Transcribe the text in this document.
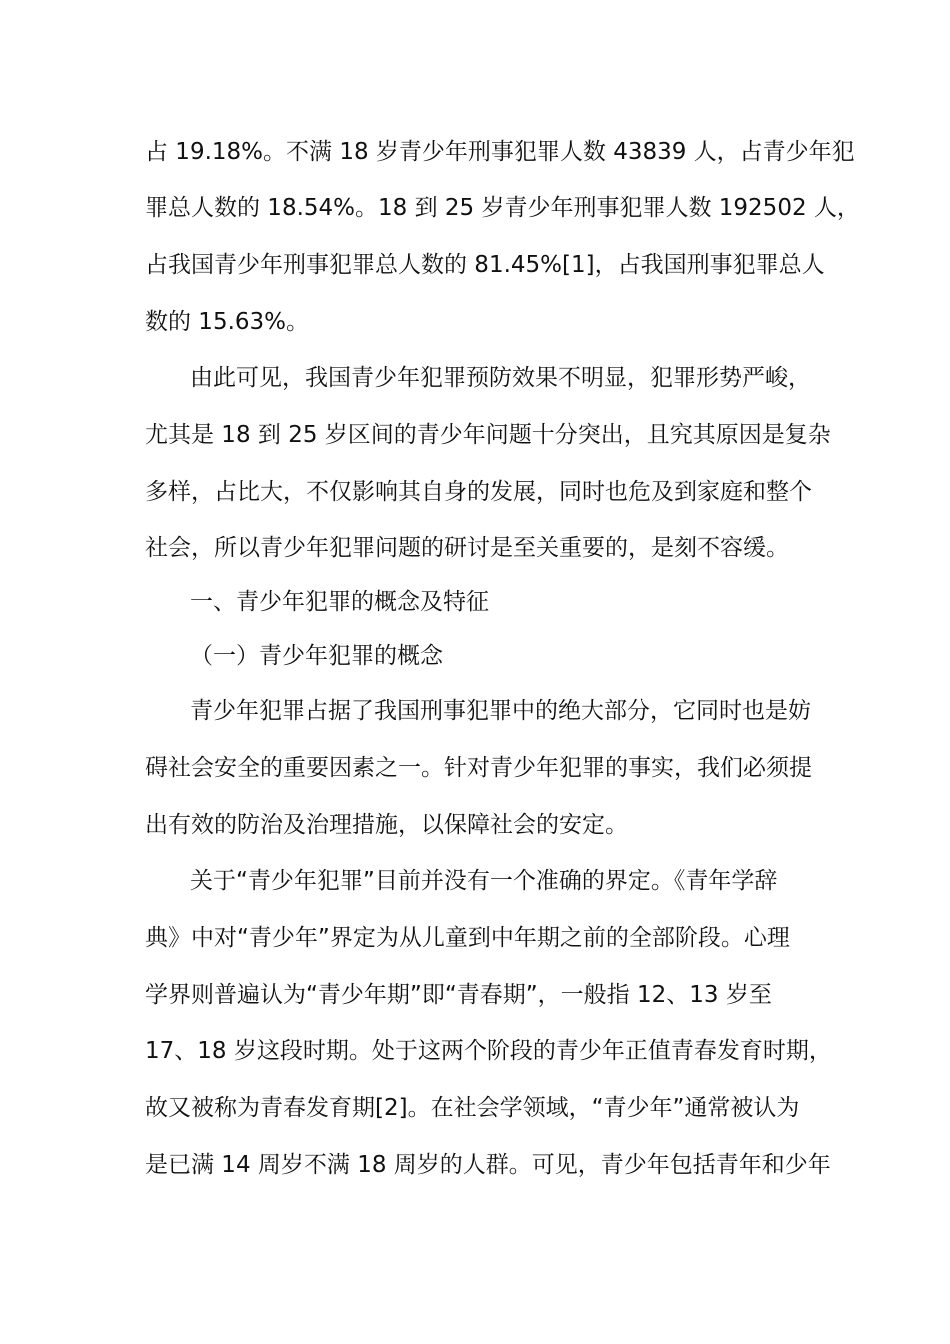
占 19.18%。不满 18 岁青少年刑事犯罪人数 43839 人，占青少年犯
罪总人数的 18.54%。18 到 25 岁青少年刑事犯罪人数 192502 人，
占我国青少年刑事犯罪总人数的 81.45%[1]，占我国刑事犯罪总人
数的 15.63%。
由此可见，我国青少年犯罪预防效果不明显，犯罪形势严峻，
尤其是 18 到 25 岁区间的青少年问题十分突出，且究其原因是复杂
多样，占比大，不仅影响其自身的发展，同时也危及到家庭和整个
社会，所以青少年犯罪问题的研讨是至关重要的，是刻不容缓。
一、青少年犯罪的概念及特征
（一）青少年犯罪的概念
青少年犯罪占据了我国刑事犯罪中的绝大部分，它同时也是妨
碍社会安全的重要因素之一。针对青少年犯罪的事实，我们必须提
出有效的防治及治理措施，以保障社会的安定。
关于“青少年犯罪”目前并没有一个准确的界定。《青年学辞
典》中对“青少年”界定为从儿童到中年期之前的全部阶段。心理
学界则普遍认为“青少年期”即“青春期”，一般指 12、13 岁至
17、18 岁这段时期。处于这两个阶段的青少年正值青春发育时期，
故又被称为青春发育期[2]。在社会学领域，“青少年”通常被认为
是已满 14 周岁不满 18 周岁的人群。可见，青少年包括青年和少年
